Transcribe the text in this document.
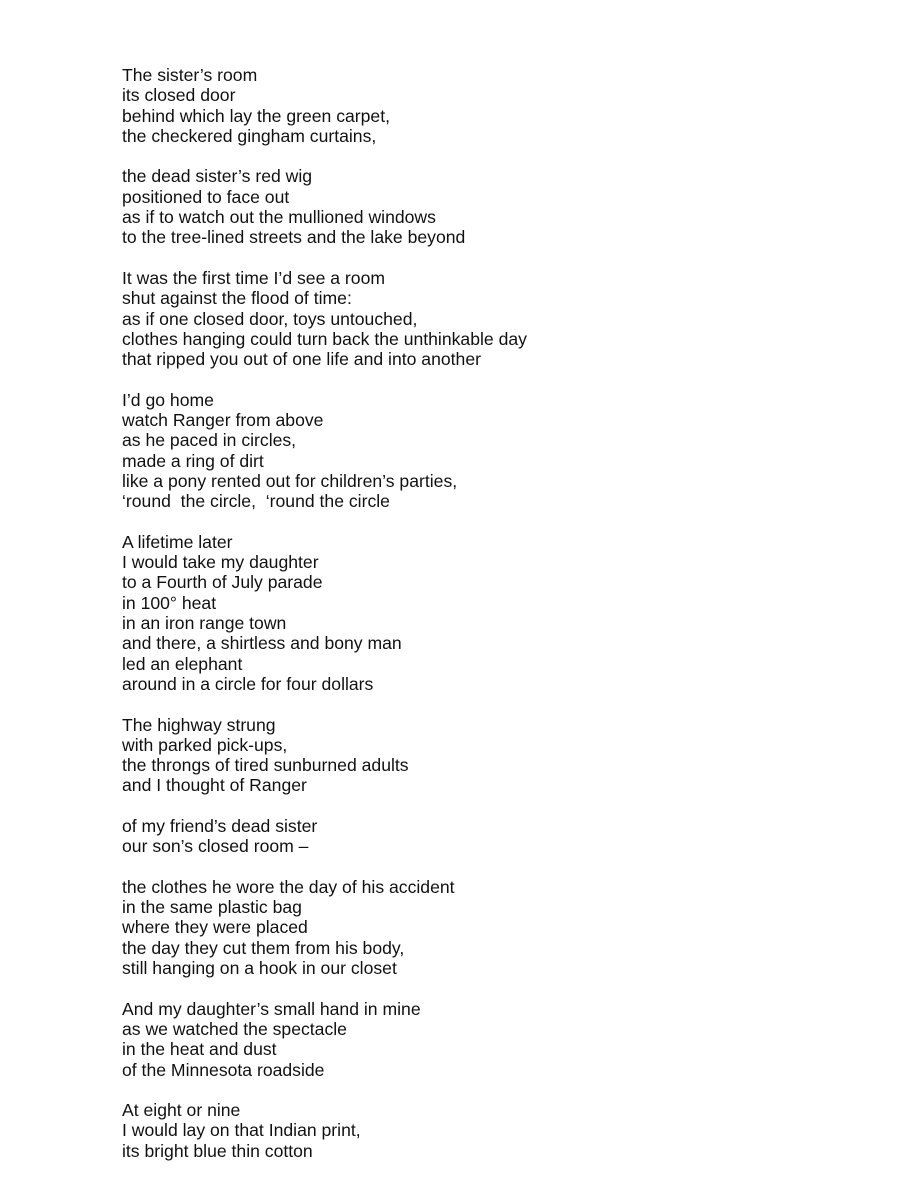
The sister’s room
its closed door
behind which lay the green carpet,
the checkered gingham curtains,
the dead sister’s red wig
positioned to face out
as if to watch out the mullioned windows
to the tree-lined streets and the lake beyond
It was the first time I’d see a room
shut against the flood of time:
as if one closed door, toys untouched,
clothes hanging could turn back the unthinkable day
that ripped you out of one life and into another
I’d go home
watch Ranger from above
as he paced in circles,
made a ring of dirt
like a pony rented out for children’s parties,
‘round  the circle,  ‘round the circle
A lifetime later
I would take my daughter
to a Fourth of July parade
in 100° heat
in an iron range town
and there, a shirtless and bony man
led an elephant
around in a circle for four dollars
The highway strung
with parked pick-ups,
the throngs of tired sunburned adults
and I thought of Ranger
of my friend’s dead sister
our son’s closed room –
the clothes he wore the day of his accident
in the same plastic bag
where they were placed
the day they cut them from his body,
still hanging on a hook in our closet
And my daughter’s small hand in mine
as we watched the spectacle
in the heat and dust
of the Minnesota roadside
At eight or nine
I would lay on that Indian print,
its bright blue thin cotton
